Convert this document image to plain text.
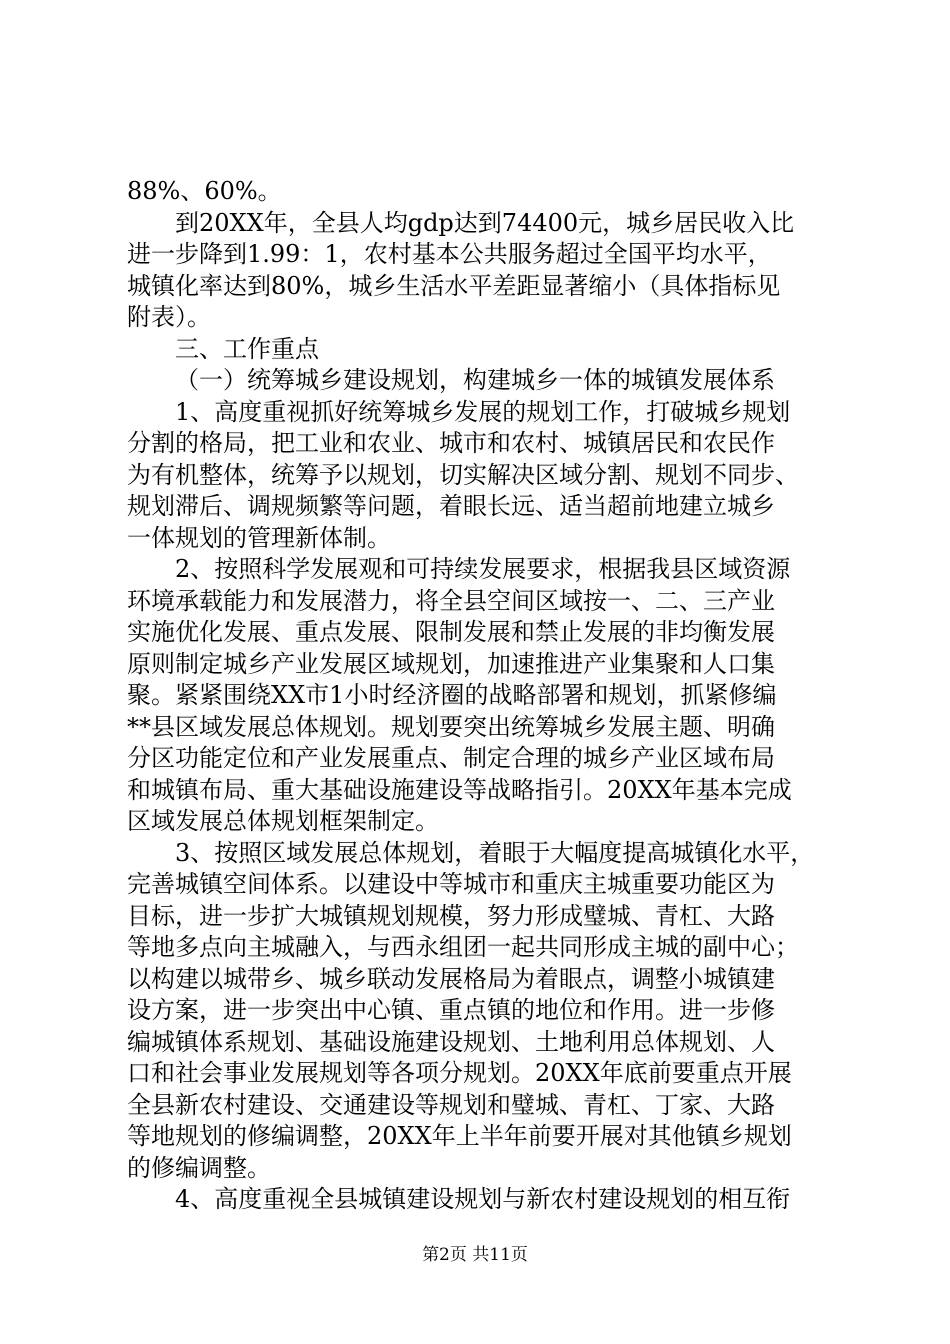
88%、60%。
到20XX年，全县人均gdp达到74400元，城乡居民收入比
进一步降到1.99：1，农村基本公共服务超过全国平均水平，
城镇化率达到80%，城乡生活水平差距显著缩小（具体指标见
附表）。
三、工作重点
（一）统筹城乡建设规划，构建城乡一体的城镇发展体系
1、高度重视抓好统筹城乡发展的规划工作，打破城乡规划
分割的格局，把工业和农业、城市和农村、城镇居民和农民作
为有机整体，统筹予以规划，切实解决区域分割、规划不同步、
规划滞后、调规频繁等问题，着眼长远、适当超前地建立城乡
一体规划的管理新体制。
2、按照科学发展观和可持续发展要求，根据我县区域资源
环境承载能力和发展潜力，将全县空间区域按一、二、三产业
实施优化发展、重点发展、限制发展和禁止发展的非均衡发展
原则制定城乡产业发展区域规划，加速推进产业集聚和人口集
聚。紧紧围绕XX市1小时经济圈的战略部署和规划，抓紧修编
**县区域发展总体规划。规划要突出统筹城乡发展主题、明确
分区功能定位和产业发展重点、制定合理的城乡产业区域布局
和城镇布局、重大基础设施建设等战略指引。20XX年基本完成
区域发展总体规划框架制定。
3、按照区域发展总体规划，着眼于大幅度提高城镇化水平，
完善城镇空间体系。以建设中等城市和重庆主城重要功能区为
目标，进一步扩大城镇规划规模，努力形成璧城、青杠、大路
等地多点向主城融入，与西永组团一起共同形成主城的副中心；
以构建以城带乡、城乡联动发展格局为着眼点，调整小城镇建
设方案，进一步突出中心镇、重点镇的地位和作用。进一步修
编城镇体系规划、基础设施建设规划、土地利用总体规划、人
口和社会事业发展规划等各项分规划。20XX年底前要重点开展
全县新农村建设、交通建设等规划和璧城、青杠、丁家、大路
等地规划的修编调整，20XX年上半年前要开展对其他镇乡规划
的修编调整。
4、高度重视全县城镇建设规划与新农村建设规划的相互衔
第2页 共11页
